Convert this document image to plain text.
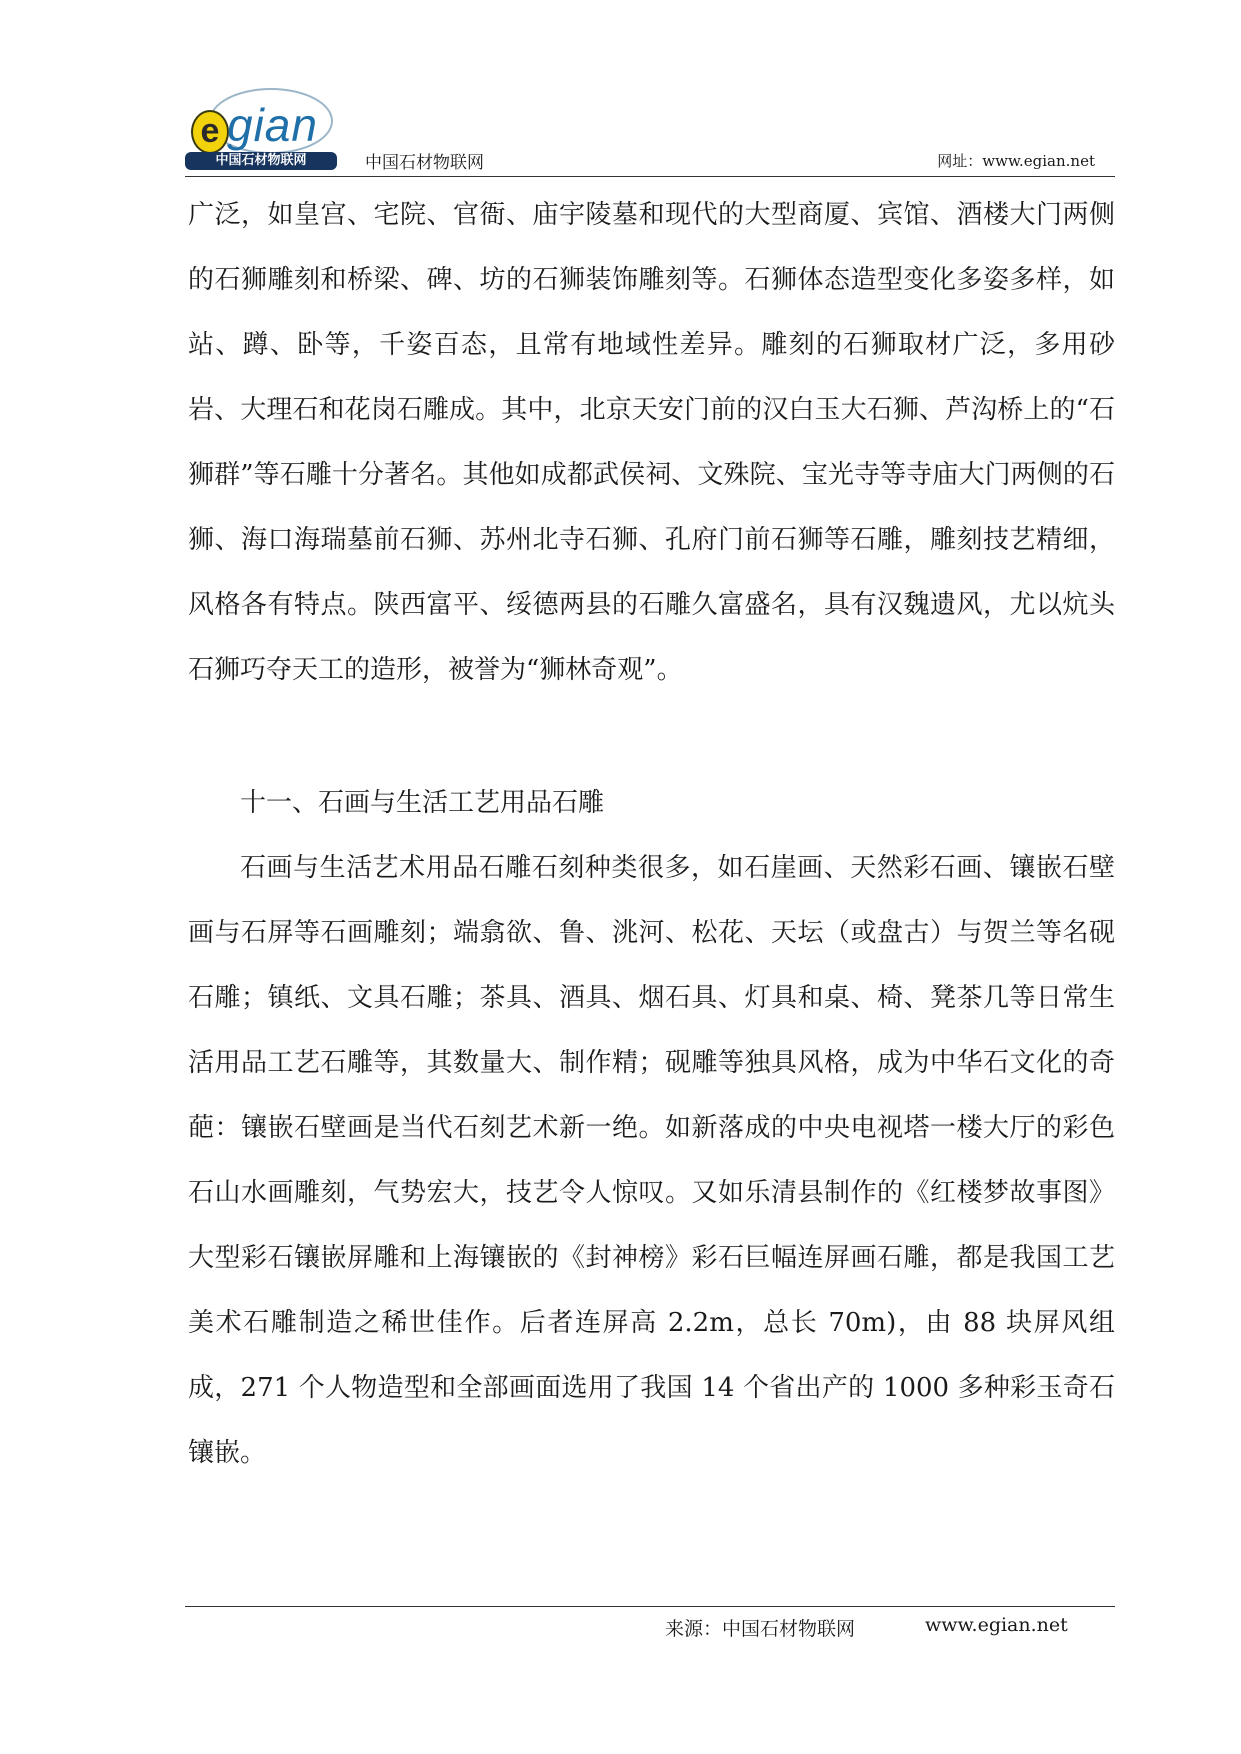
e gian
中国石材物联网	中国石材物联网	网址：www.egian.net

广泛，如皇宫、宅院、官衙、庙宇陵墓和现代的大型商厦、宾馆、酒楼大门两侧的石狮雕刻和桥梁、碑、坊的石狮装饰雕刻等。石狮体态造型变化多姿多样，如站、蹲、卧等，千姿百态，且常有地域性差异。雕刻的石狮取材广泛，多用砂岩、大理石和花岗石雕成。其中，北京天安门前的汉白玉大石狮、芦沟桥上的“石狮群”等石雕十分著名。其他如成都武侯祠、文殊院、宝光寺等寺庙大门两侧的石狮、海口海瑞墓前石狮、苏州北寺石狮、孔府门前石狮等石雕，雕刻技艺精细，风格各有特点。陕西富平、绥德两县的石雕久富盛名，具有汉魏遗风，尤以炕头石狮巧夺天工的造形，被誉为“狮林奇观”。

十一、石画与生活工艺用品石雕

石画与生活艺术用品石雕石刻种类很多，如石崖画、天然彩石画、镶嵌石壁画与石屏等石画雕刻；端翕欲、鲁、洮河、松花、天坛（或盘古）与贺兰等名砚石雕；镇纸、文具石雕；茶具、酒具、烟石具、灯具和桌、椅、凳茶几等日常生活用品工艺石雕等，其数量大、制作精；砚雕等独具风格，成为中华石文化的奇葩：镶嵌石壁画是当代石刻艺术新一绝。如新落成的中央电视塔一楼大厅的彩色石山水画雕刻，气势宏大，技艺令人惊叹。又如乐清县制作的《红楼梦故事图》大型彩石镶嵌屏雕和上海镶嵌的《封神榜》彩石巨幅连屏画石雕，都是我国工艺美术石雕制造之稀世佳作。后者连屏高 2.2m，总长 70m)，由 88 块屏风组成，271 个人物造型和全部画面选用了我国 14 个省出产的 1000 多种彩玉奇石镶嵌。

来源：中国石材物联网	www.egian.net
